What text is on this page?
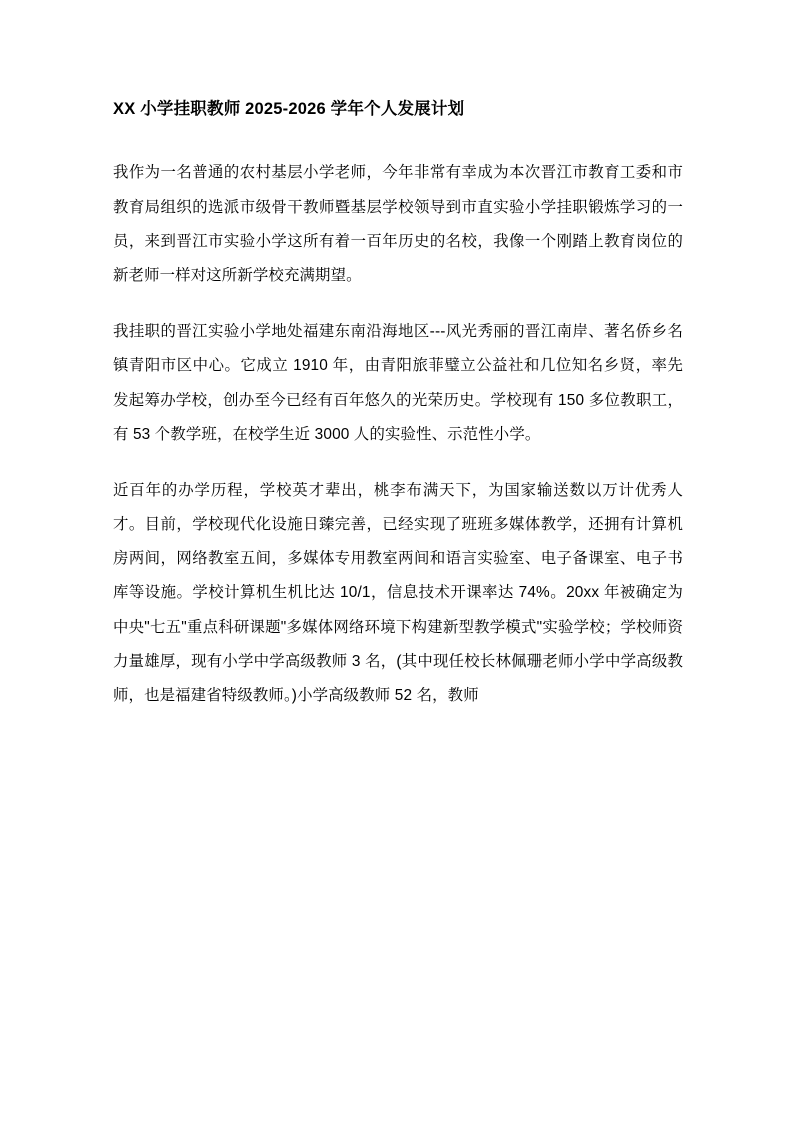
XX 小学挂职教师 2025-2026 学年个人发展计划

我作为一名普通的农村基层小学老师，今年非常有幸成为本次晋江市教育工委和市教育局组织的选派市级骨干教师暨基层学校领导到市直实验小学挂职锻炼学习的一员，来到晋江市实验小学这所有着一百年历史的名校，我像一个刚踏上教育岗位的新老师一样对这所新学校充满期望。

我挂职的晋江实验小学地处福建东南沿海地区---风光秀丽的晋江南岸、著名侨乡名镇青阳市区中心。它成立 1910 年，由青阳旅菲璧立公益社和几位知名乡贤，率先发起筹办学校，创办至今已经有百年悠久的光荣历史。学校现有 150 多位教职工，有 53 个教学班，在校学生近 3000 人的实验性、示范性小学。

近百年的办学历程，学校英才辈出，桃李布满天下，为国家输送数以万计优秀人才。目前，学校现代化设施日臻完善，已经实现了班班多媒体教学，还拥有计算机房两间，网络教室五间，多媒体专用教室两间和语言实验室、电子备课室、电子书库等设施。学校计算机生机比达 10/1，信息技术开课率达 74%。20xx 年被确定为中央"七五"重点科研课题"多媒体网络环境下构建新型教学模式"实验学校；学校师资力量雄厚，现有小学中学高级教师 3 名，(其中现任校长林佩珊老师小学中学高级教师，也是福建省特级教师。)小学高级教师 52 名，教师
